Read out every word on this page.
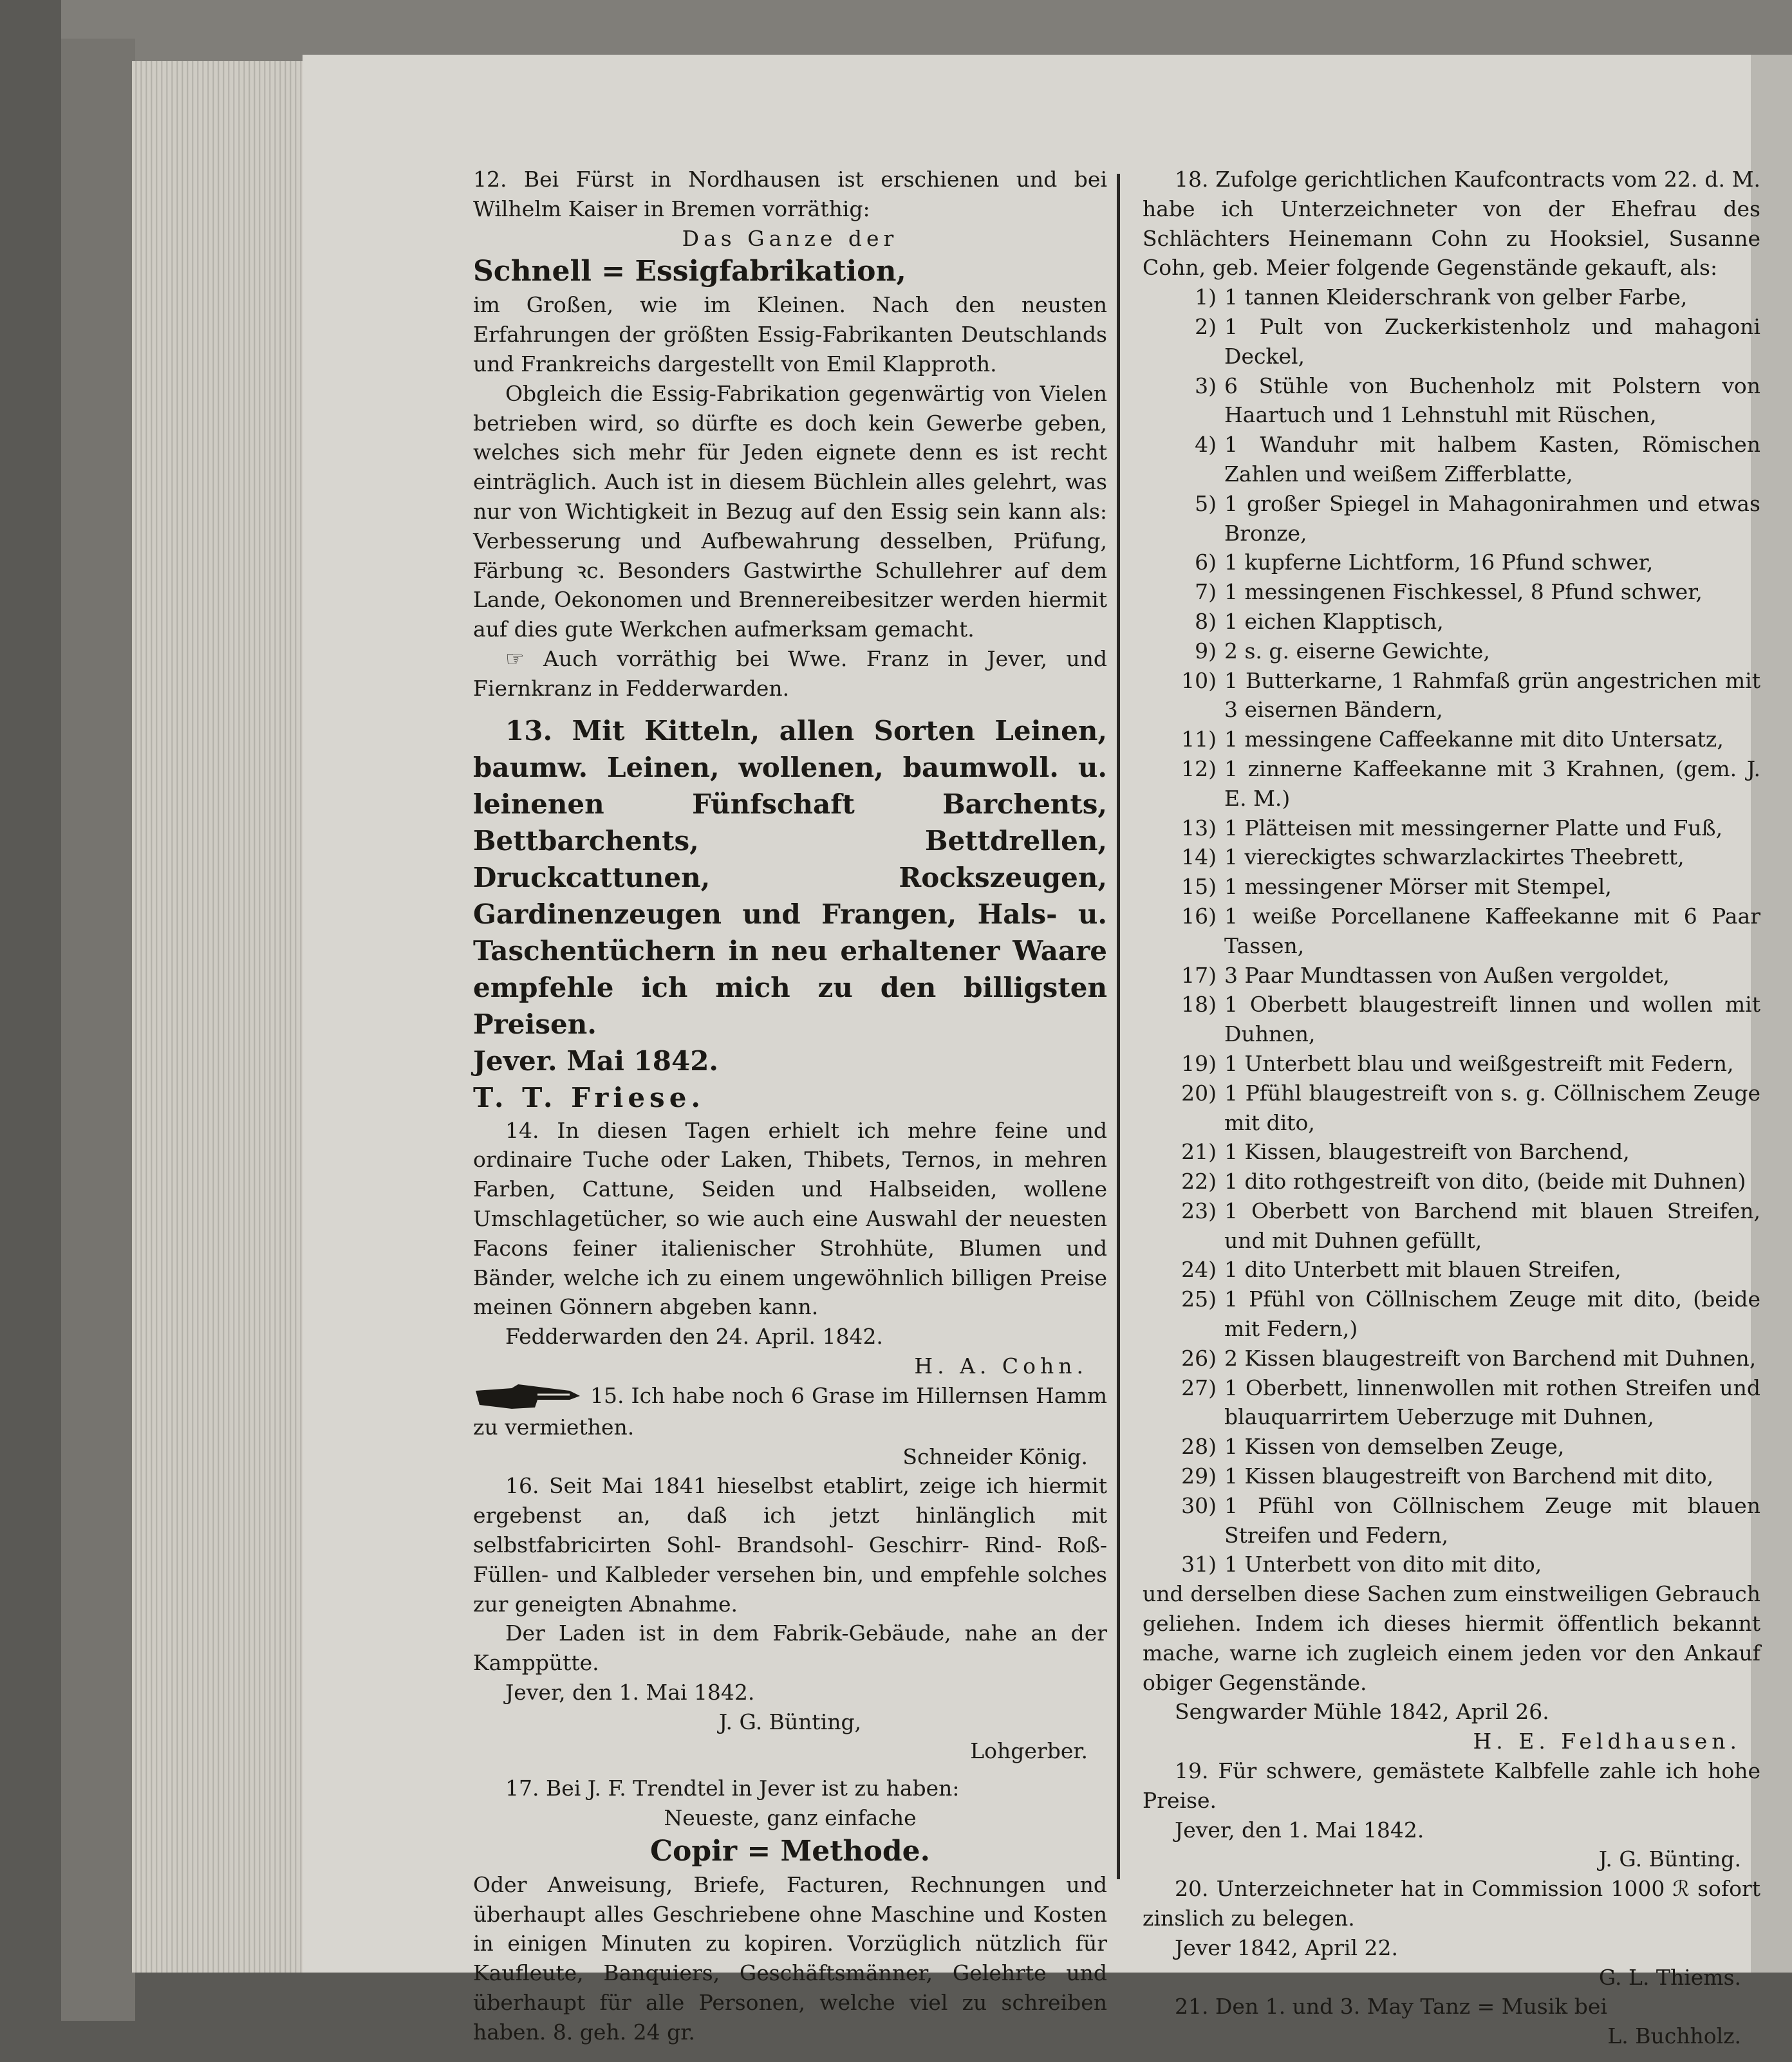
12. Bei Fürst in Nordhausen ist erschienen und bei Wilhelm Kaiser in Bremen vorräthig:

Das Ganze der

Schnell = Essigfabrikation,

im Großen, wie im Kleinen. Nach den neusten Erfahrungen der größten Essig-Fabrikanten Deutschlands und Frankreichs dargestellt von Emil Klapproth.

Obgleich die Essig-Fabrikation gegenwärtig von Vielen betrieben wird, so dürfte es doch kein Gewerbe geben, welches sich mehr für Jeden eignete denn es ist recht einträglich. Auch ist in diesem Büchlein alles gelehrt, was nur von Wichtigkeit in Bezug auf den Essig sein kann als: Verbesserung und Aufbewahrung desselben, Prüfung, Färbung ꝛc. Besonders Gastwirthe Schullehrer auf dem Lande, Oekonomen und Brennereibesitzer werden hiermit auf dies gute Werkchen aufmerksam gemacht.

☞ Auch vorräthig bei Wwe. Franz in Jever, und Fiernkranz in Fedderwarden.

13. Mit Kitteln, allen Sorten Leinen, baumw. Leinen, wollenen, baumwoll. u. leinenen Fünfschaft Barchents, Bettbarchents, Bettdrellen, Druckcattunen, Rockszeugen, Gardinenzeugen und Frangen, Hals- u. Taschentüchern in neu erhaltener Waare empfehle ich mich zu den billigsten Preisen.

Jever. Mai 1842.

T. T. Friese.

14. In diesen Tagen erhielt ich mehre feine und ordinaire Tuche oder Laken, Thibets, Ternos, in mehren Farben, Cattune, Seiden und Halbseiden, wollene Umschlagetücher, so wie auch eine Auswahl der neuesten Facons feiner italienischer Strohhüte, Blumen und Bänder, welche ich zu einem ungewöhnlich billigen Preise meinen Gönnern abgeben kann.

Fedderwarden den 24. April. 1842.

H. A. Cohn.

15. Ich habe noch 6 Grase im Hillernsen Hamm zu vermiethen.

Schneider König.

16. Seit Mai 1841 hieselbst etablirt, zeige ich hiermit ergebenst an, daß ich jetzt hinlänglich mit selbstfabricirten Sohl- Brandsohl- Geschirr- Rind- Roß- Füllen- und Kalbleder versehen bin, und empfehle solches zur geneigten Abnahme.

Der Laden ist in dem Fabrik-Gebäude, nahe an der Kamppütte.

Jever, den 1. Mai 1842.

J. G. Bünting,

Lohgerber.

17. Bei J. F. Trendtel in Jever ist zu haben:

Neueste, ganz einfache

Copir = Methode.

Oder Anweisung, Briefe, Facturen, Rechnungen und überhaupt alles Geschriebene ohne Maschine und Kosten in einigen Minuten zu kopiren. Vorzüglich nützlich für Kaufleute, Banquiers, Geschäftsmänner, Gelehrte und überhaupt für alle Personen, welche viel zu schreiben haben. 8. geh. 24 gr.

18. Zufolge gerichtlichen Kaufcontracts vom 22. d. M. habe ich Unterzeichneter von der Ehefrau des Schlächters Heinemann Cohn zu Hooksiel, Susanne Cohn, geb. Meier folgende Gegenstände gekauft, als:

1) 1 tannen Kleiderschrank von gelber Farbe,
2) 1 Pult von Zuckerkistenholz und mahagoni Deckel,
3) 6 Stühle von Buchenholz mit Polstern von Haartuch und 1 Lehnstuhl mit Rüschen,
4) 1 Wanduhr mit halbem Kasten, Römischen Zahlen und weißem Zifferblatte,
5) 1 großer Spiegel in Mahagonirahmen und etwas Bronze,
6) 1 kupferne Lichtform, 16 Pfund schwer,
7) 1 messingenen Fischkessel, 8 Pfund schwer,
8) 1 eichen Klapptisch,
9) 2 s. g. eiserne Gewichte,
10) 1 Butterkarne, 1 Rahmfaß grün angestrichen mit 3 eisernen Bändern,
11) 1 messingene Caffeekanne mit dito Untersatz,
12) 1 zinnerne Kaffeekanne mit 3 Krahnen, (gem. J. E. M.)
13) 1 Plätteisen mit messingerner Platte und Fuß,
14) 1 viereckigtes schwarzlackirtes Theebrett,
15) 1 messingener Mörser mit Stempel,
16) 1 weiße Porcellanene Kaffeekanne mit 6 Paar Tassen,
17) 3 Paar Mundtassen von Außen vergoldet,
18) 1 Oberbett blaugestreift linnen und wollen mit Duhnen,
19) 1 Unterbett blau und weißgestreift mit Federn,
20) 1 Pfühl blaugestreift von s. g. Cöllnischem Zeuge mit dito,
21) 1 Kissen, blaugestreift von Barchend,
22) 1 dito rothgestreift von dito, (beide mit Duhnen)
23) 1 Oberbett von Barchend mit blauen Streifen, und mit Duhnen gefüllt,
24) 1 dito Unterbett mit blauen Streifen,
25) 1 Pfühl von Cöllnischem Zeuge mit dito, (beide mit Federn,)
26) 2 Kissen blaugestreift von Barchend mit Duhnen,
27) 1 Oberbett, linnenwollen mit rothen Streifen und blauquarrirtem Ueberzuge mit Duhnen,
28) 1 Kissen von demselben Zeuge,
29) 1 Kissen blaugestreift von Barchend mit dito,
30) 1 Pfühl von Cöllnischem Zeuge mit blauen Streifen und Federn,
31) 1 Unterbett von dito mit dito,

und derselben diese Sachen zum einstweiligen Gebrauch geliehen. Indem ich dieses hiermit öffentlich bekannt mache, warne ich zugleich einem jeden vor den Ankauf obiger Gegenstände.

Sengwarder Mühle 1842, April 26.

H. E. Feldhausen.

19. Für schwere, gemästete Kalbfelle zahle ich hohe Preise.

Jever, den 1. Mai 1842.

J. G. Bünting.

20. Unterzeichneter hat in Commission 1000 ℛ sofort zinslich zu belegen.

Jever 1842, April 22.

G. L. Thiems.

21. Den 1. und 3. May Tanz = Musik bei

L. Buchholz.
